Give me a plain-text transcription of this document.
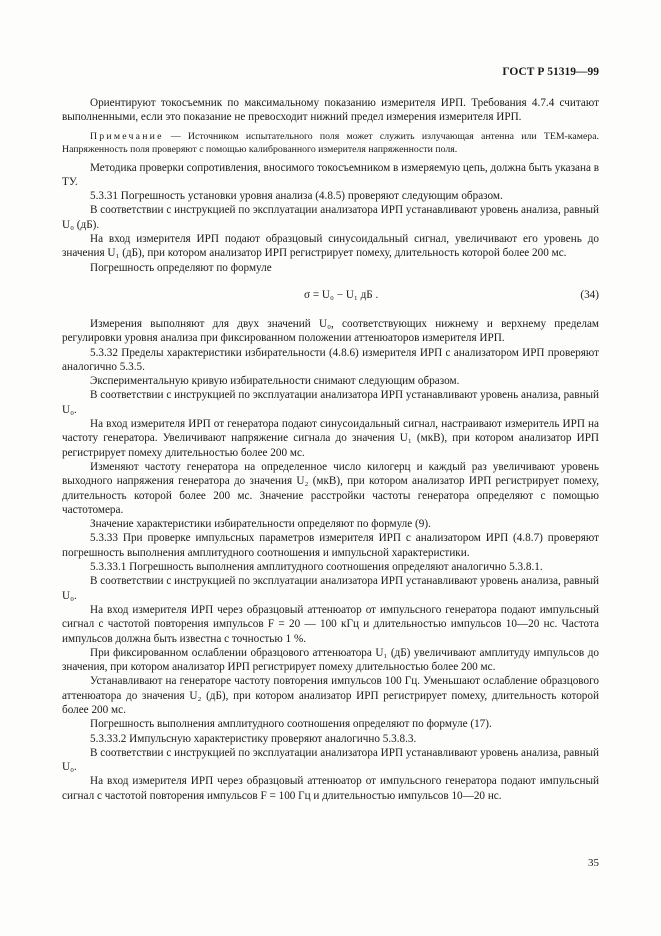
ГОСТ Р 51319—99

Ориентируют токосъемник по максимальному показанию измерителя ИРП. Требования 4.7.4 считают выполненными, если это показание не превосходит нижний предел измерения измерителя ИРП.

Примечание — Источником испытательного поля может служить излучающая антенна или ТЕМ-камера. Напряженность поля проверяют с помощью калиброванного измерителя напряженности поля.

Методика проверки сопротивления, вносимого токосъемником в измеряемую цепь, должна быть указана в ТУ.

5.3.31 Погрешность установки уровня анализа (4.8.5) проверяют следующим образом.

В соответствии с инструкцией по эксплуатации анализатора ИРП устанавливают уровень анализа, равный U₀ (дБ).

На вход измерителя ИРП подают образцовый синусоидальный сигнал, увеличивают его уровень до значения U₁ (дБ), при котором анализатор ИРП регистрирует помеху, длительность которой более 200 мс.

Погрешность определяют по формуле

σ = U₀ − U₁ дБ .	(34)

Измерения выполняют для двух значений U₀, соответствующих нижнему и верхнему пределам регулировки уровня анализа при фиксированном положении аттенюаторов измерителя ИРП.

5.3.32 Пределы характеристики избирательности (4.8.6) измерителя ИРП с анализатором ИРП проверяют аналогично 5.3.5.

Экспериментальную кривую избирательности снимают следующим образом.

В соответствии с инструкцией по эксплуатации анализатора ИРП устанавливают уровень анализа, равный U₀.

На вход измерителя ИРП от генератора подают синусоидальный сигнал, настраивают измеритель ИРП на частоту генератора. Увеличивают напряжение сигнала до значения U₁ (мкВ), при котором анализатор ИРП регистрирует помеху длительностью более 200 мс.

Изменяют частоту генератора на определенное число килогерц и каждый раз увеличивают уровень выходного напряжения генератора до значения U₂ (мкВ), при котором анализатор ИРП регистрирует помеху, длительность которой более 200 мс. Значение расстройки частоты генератора определяют с помощью частотомера.

Значение характеристики избирательности определяют по формуле (9).

5.3.33 При проверке импульсных параметров измерителя ИРП с анализатором ИРП (4.8.7) проверяют погрешность выполнения амплитудного соотношения и импульсной характеристики.

5.3.33.1 Погрешность выполнения амплитудного соотношения определяют аналогично 5.3.8.1.

В соответствии с инструкцией по эксплуатации анализатора ИРП устанавливают уровень анализа, равный U₀.

На вход измерителя ИРП через образцовый аттенюатор от импульсного генератора подают импульсный сигнал с частотой повторения импульсов F = 20 — 100 кГц и длительностью импульсов 10—20 нс. Частота импульсов должна быть известна с точностью 1 %.

При фиксированном ослаблении образцового аттенюатора U₁ (дБ) увеличивают амплитуду импульсов до значения, при котором анализатор ИРП регистрирует помеху длительностью более 200 мс.

Устанавливают на генераторе частоту повторения импульсов 100 Гц. Уменьшают ослабление образцового аттенюатора до значения U₂ (дБ), при котором анализатор ИРП регистрирует помеху, длительность которой более 200 мс.

Погрешность выполнения амплитудного соотношения определяют по формуле (17).

5.3.33.2 Импульсную характеристику проверяют аналогично 5.3.8.3.

В соответствии с инструкцией по эксплуатации анализатора ИРП устанавливают уровень анализа, равный U₀.

На вход измерителя ИРП через образцовый аттенюатор от импульсного генератора подают импульсный сигнал с частотой повторения импульсов F = 100 Гц и длительностью импульсов 10—20 нс.

35
